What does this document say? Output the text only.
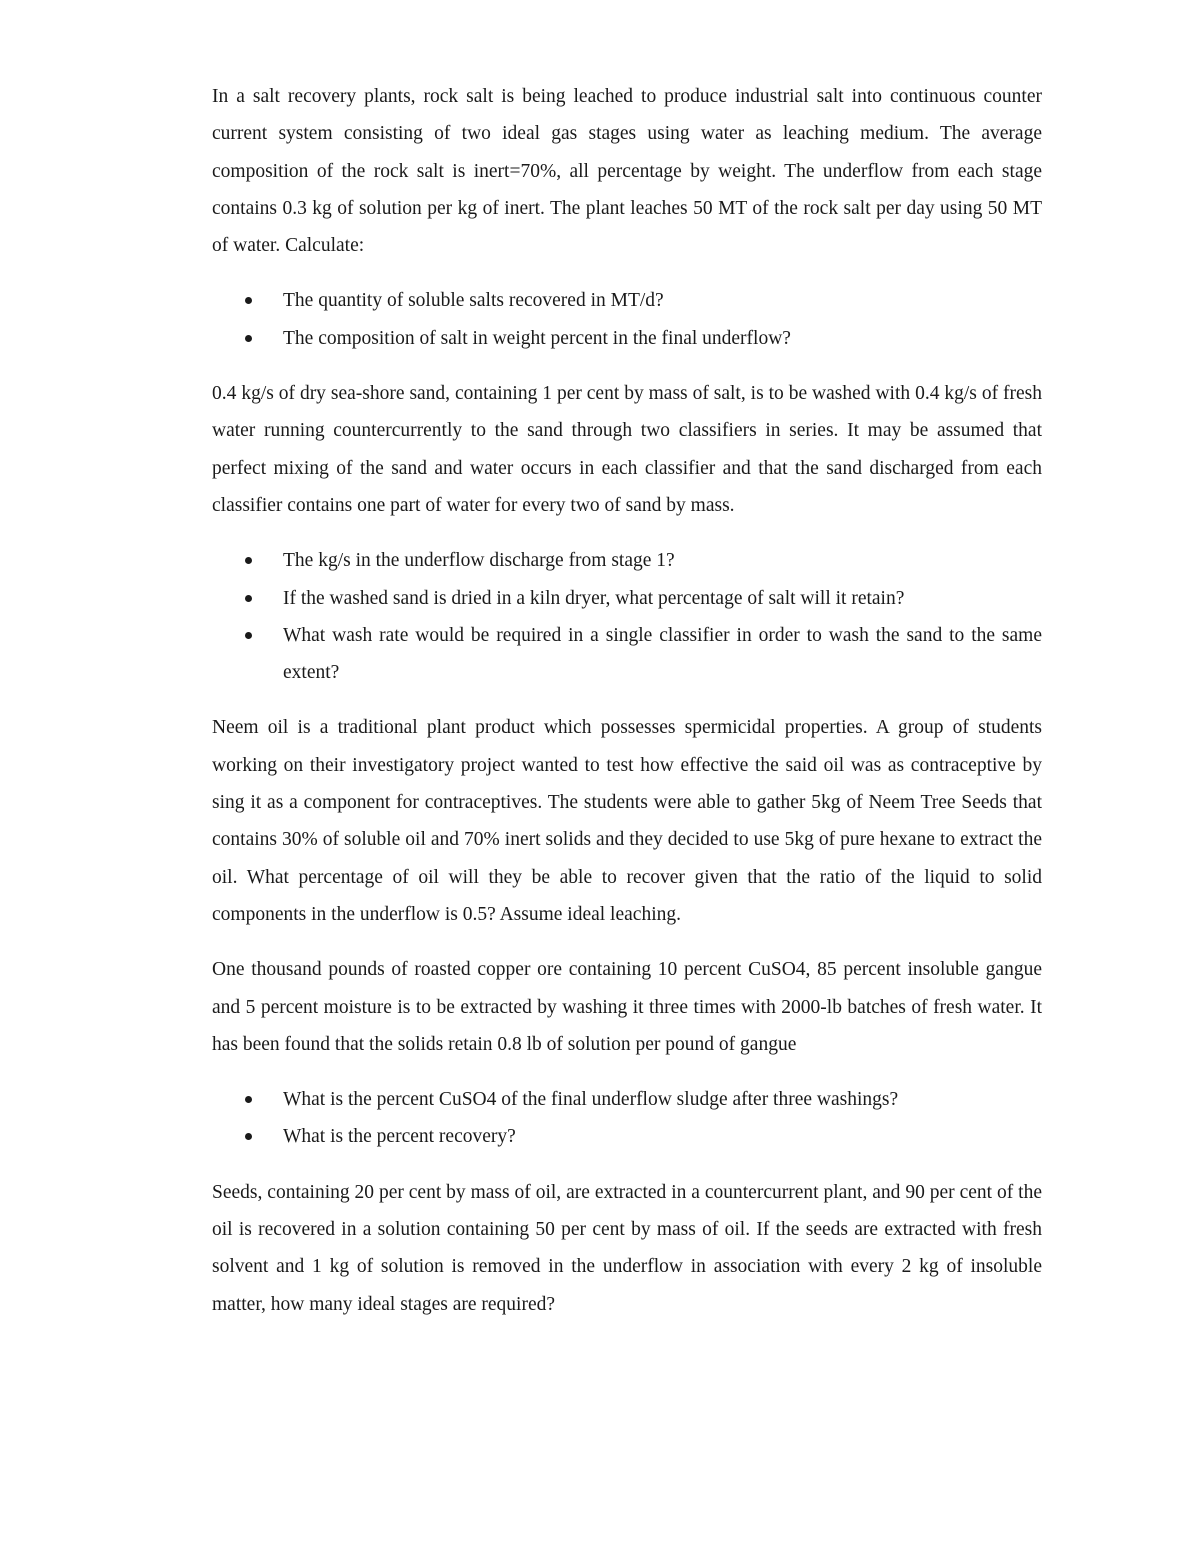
In a salt recovery plants, rock salt is being leached to produce industrial salt into continuous counter current system consisting of two ideal gas stages using water as leaching medium. The average composition of the rock salt is inert=70%, all percentage by weight. The underflow from each stage contains 0.3 kg of solution per kg of inert. The plant leaches 50 MT of the rock salt per day using 50 MT of water. Calculate:

The quantity of soluble salts recovered in MT/d?
The composition of salt in weight percent in the final underflow?

0.4 kg/s of dry sea-shore sand, containing 1 per cent by mass of salt, is to be washed with 0.4 kg/s of fresh water running countercurrently to the sand through two classifiers in series. It may be assumed that perfect mixing of the sand and water occurs in each classifier and that the sand discharged from each classifier contains one part of water for every two of sand by mass.

The kg/s in the underflow discharge from stage 1?
If the washed sand is dried in a kiln dryer, what percentage of salt will it retain?
What wash rate would be required in a single classifier in order to wash the sand to the same extent?

Neem oil is a traditional plant product which possesses spermicidal properties. A group of students working on their investigatory project wanted to test how effective the said oil was as contraceptive by sing it as a component for contraceptives. The students were able to gather 5kg of Neem Tree Seeds that contains 30% of soluble oil and 70% inert solids and they decided to use 5kg of pure hexane to extract the oil. What percentage of oil will they be able to recover given that the ratio of the liquid to solid components in the underflow is 0.5? Assume ideal leaching.

One thousand pounds of roasted copper ore containing 10 percent CuSO4, 85 percent insoluble gangue and 5 percent moisture is to be extracted by washing it three times with 2000-lb batches of fresh water. It has been found that the solids retain 0.8 lb of solution per pound of gangue

What is the percent CuSO4 of the final underflow sludge after three washings?
What is the percent recovery?

Seeds, containing 20 per cent by mass of oil, are extracted in a countercurrent plant, and 90 per cent of the oil is recovered in a solution containing 50 per cent by mass of oil. If the seeds are extracted with fresh solvent and 1 kg of solution is removed in the underflow in association with every 2 kg of insoluble matter, how many ideal stages are required?
